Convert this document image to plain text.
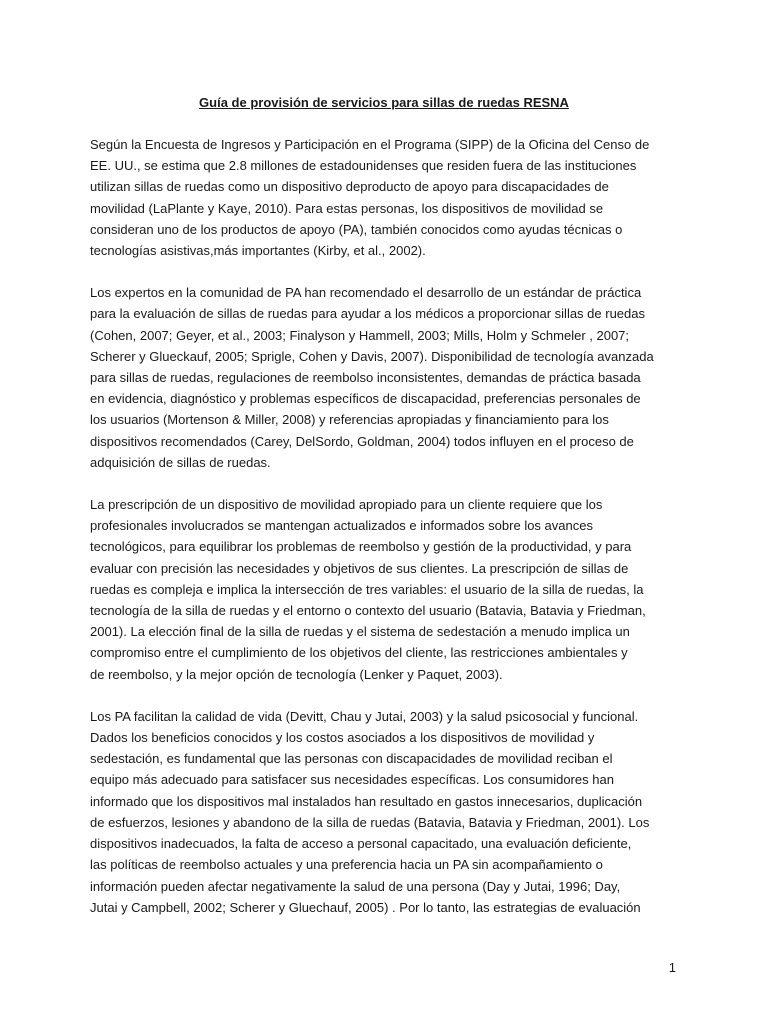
Guía de provisión de servicios para sillas de ruedas RESNA

Según la Encuesta de Ingresos y Participación en el Programa (SIPP) de la Oficina del Censo de
EE. UU., se estima que 2.8 millones de estadounidenses que residen fuera de las instituciones
utilizan sillas de ruedas como un dispositivo deproducto de apoyo para discapacidades de
movilidad (LaPlante y Kaye, 2010). Para estas personas, los dispositivos de movilidad se
consideran uno de los productos de apoyo (PA), también conocidos como ayudas técnicas o
tecnologías asistivas,más importantes (Kirby, et al., 2002).

Los expertos en la comunidad de PA han recomendado el desarrollo de un estándar de práctica
para la evaluación de sillas de ruedas para ayudar a los médicos a proporcionar sillas de ruedas
(Cohen, 2007; Geyer, et al., 2003; Finalyson y Hammell, 2003; Mills, Holm y Schmeler , 2007;
Scherer y Glueckauf, 2005; Sprigle, Cohen y Davis, 2007). Disponibilidad de tecnología avanzada
para sillas de ruedas, regulaciones de reembolso inconsistentes, demandas de práctica basada
en evidencia, diagnóstico y problemas específicos de discapacidad, preferencias personales de
los usuarios (Mortenson & Miller, 2008) y referencias apropiadas y financiamiento para los
dispositivos recomendados (Carey, DelSordo, Goldman, 2004) todos influyen en el proceso de
adquisición de sillas de ruedas.

La prescripción de un dispositivo de movilidad apropiado para un cliente requiere que los
profesionales involucrados se mantengan actualizados e informados sobre los avances
tecnológicos, para equilibrar los problemas de reembolso y gestión de la productividad, y para
evaluar con precisión las necesidades y objetivos de sus clientes. La prescripción de sillas de
ruedas es compleja e implica la intersección de tres variables: el usuario de la silla de ruedas, la
tecnología de la silla de ruedas y el entorno o contexto del usuario (Batavia, Batavia y Friedman,
2001). La elección final de la silla de ruedas y el sistema de sedestación a menudo implica un
compromiso entre el cumplimiento de los objetivos del cliente, las restricciones ambientales y
de reembolso, y la mejor opción de tecnología (Lenker y Paquet, 2003).

Los PA facilitan la calidad de vida (Devitt, Chau y Jutai, 2003) y la salud psicosocial y funcional.
Dados los beneficios conocidos y los costos asociados a los dispositivos de movilidad y
sedestación, es fundamental que las personas con discapacidades de movilidad reciban el
equipo más adecuado para satisfacer sus necesidades específicas. Los consumidores han
informado que los dispositivos mal instalados han resultado en gastos innecesarios, duplicación
de esfuerzos, lesiones y abandono de la silla de ruedas (Batavia, Batavia y Friedman, 2001). Los
dispositivos inadecuados, la falta de acceso a personal capacitado, una evaluación deficiente,
las políticas de reembolso actuales y una preferencia hacia un PA sin acompañamiento o
información pueden afectar negativamente la salud de una persona (Day y Jutai, 1996; Day,
Jutai y Campbell, 2002; Scherer y Gluechauf, 2005) . Por lo tanto, las estrategias de evaluación

1
